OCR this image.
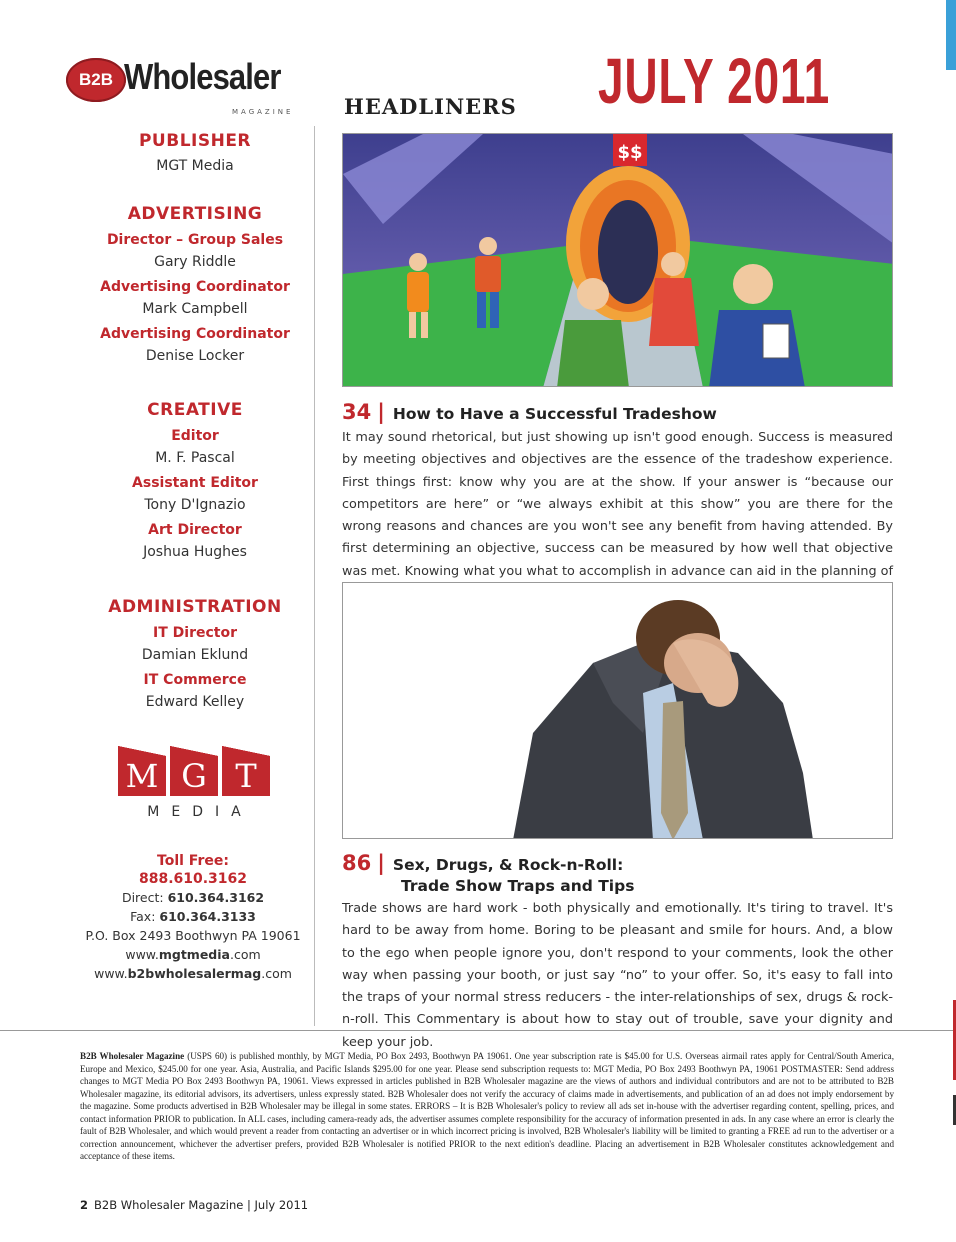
B2B Wholesaler
MAGAZINE HEADLINERS JULY 2011
PUBLISHER

MGT Media

ADVERTISING
Director – Group Sales

Gary Riddle

Advertising Coordinator

Mark Campbell

Advertising Coordinator

Denise Locker

CREATIVE
Editor

M. F. Pascal

Assistant Editor

Tony D'Ignazio

Art Director

Joshua Hughes

ADMINISTRATION
IT Director

Damian Eklund

IT Commerce

Edward Kelley

M G T
MEDIA
Toll Free:
888.610.3162

Direct: 610.364.3162

Fax: 610.364.3133

P.O. Box 2493 Boothwyn PA 19061

www.mgtmedia.com

www.b2bwholesalermag.com

$$
34 | How to Have a Successful Tradeshow
It may sound rhetorical, but just showing up isn't good enough. Success is measured by meeting objectives and objectives are the essence of the tradeshow experience. First things first: know why you are at the show. If your answer is “because our competitors are here” or “we always exhibit at this show” you are there for the wrong reasons and chances are you won't see any benefit from having attended. By first determining an objective, success can be measured by how well that objective was met. Knowing what you what to accomplish in advance can aid in the planning of
86 | Sex, Drugs, & Rock-n-Roll:
Trade Show Traps and Tips
Trade shows are hard work - both physically and emotionally. It's tiring to travel. It's hard to be away from home. Boring to be pleasant and smile for hours. And, a blow to the ego when people ignore you, don't respond to your comments, look the other way when passing your booth, or just say “no” to your offer. So, it's easy to fall into the traps of your normal stress reducers - the inter-relationships of sex, drugs & rock-n-roll. This Commentary is about how to stay out of trouble, save your dignity and keep your job.
B2B Wholesaler Magazine (USPS 60) is published monthly, by MGT Media, PO Box 2493, Boothwyn PA 19061. One year subscription rate is $45.00 for U.S. Overseas airmail rates apply for Central/South America, Europe and Mexico, $245.00 for one year. Asia, Australia, and Pacific Islands $295.00 for one year. Please send subscription requests to: MGT Media, PO Box 2493 Boothwyn PA, 19061 POSTMASTER: Send address changes to MGT Media PO Box 2493 Boothwyn PA, 19061. Views expressed in articles published in B2B Wholesaler magazine are the views of authors and individual contributors and are not to be attributed to B2B Wholesaler magazine, its editorial advisors, its advertisers, unless expressly stated. B2B Wholesaler does not verify the accuracy of claims made in advertisements, and publication of an ad does not imply endorsement by the magazine. Some products advertised in B2B Wholesaler may be illegal in some states. ERRORS – It is B2B Wholesaler's policy to review all ads set in-house with the advertiser regarding content, spelling, prices, and contact information PRIOR to publication. In ALL cases, including camera-ready ads, the advertiser assumes complete responsibility for the accuracy of information presented in ads. In any case where an error is clearly the fault of B2B Wholesaler, and which would prevent a reader from contacting an advertiser or in which incorrect pricing is involved, B2B Wholesaler's liability will be limited to granting a FREE ad run to the advertiser or a correction announcement, whichever the advertiser prefers, provided B2B Wholesaler is notified PRIOR to the next edition's deadline. Placing an advertisement in B2B Wholesaler constitutes acknowledgement and acceptance of these items.
2 B2B Wholesaler Magazine | July 2011
